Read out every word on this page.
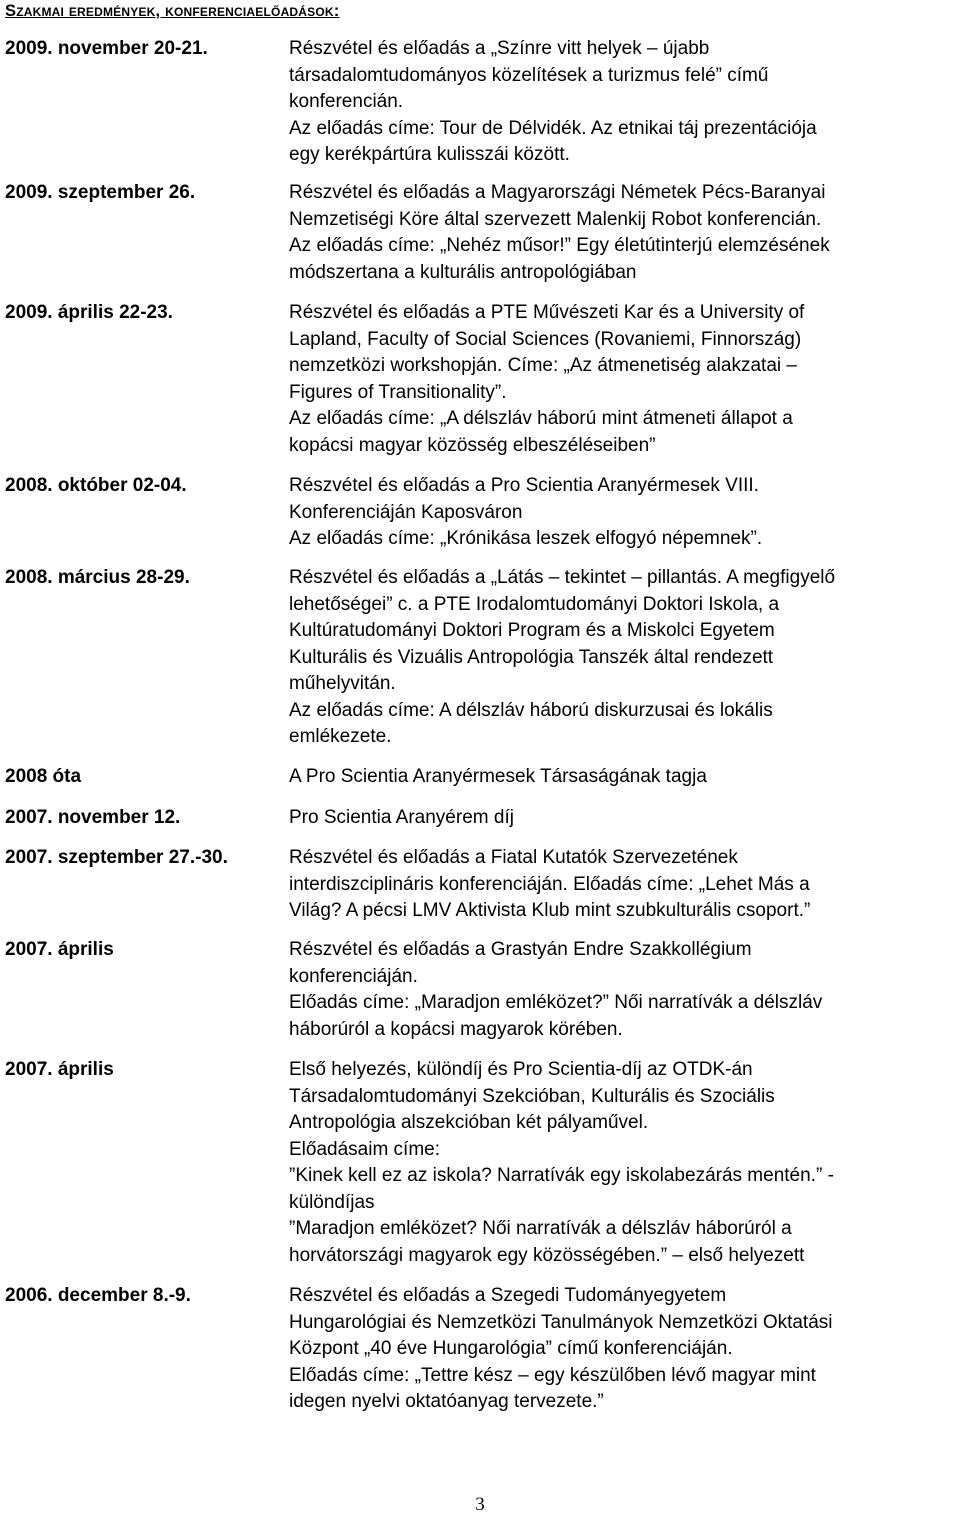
Szakmai eredmények, konferenciaelőadások:
2009. november 20-21.	Részvétel és előadás a „Színre vitt helyek – újabb
társadalomtudományos közelítések a turizmus felé” című
konferencián.
Az előadás címe: Tour de Délvidék. Az etnikai táj prezentációja
egy kerékpártúra kulisszái között.
2009. szeptember 26.	Részvétel és előadás a Magyarországi Németek Pécs-Baranyai
Nemzetiségi Köre által szervezett Malenkij Robot konferencián.
Az előadás címe: „Nehéz műsor!” Egy életútinterjú elemzésének
módszertana a kulturális antropológiában
2009. április 22-23.	Részvétel és előadás a PTE Művészeti Kar és a University of
Lapland, Faculty of Social Sciences (Rovaniemi, Finnország)
nemzetközi workshopján. Címe: „Az átmenetiség alakzatai –
Figures of Transitionality”.
Az előadás címe: „A délszláv háború mint átmeneti állapot a
kopácsi magyar közösség elbeszéléseiben”
2008. október 02-04.	Részvétel és előadás a Pro Scientia Aranyérmesek VIII.
Konferenciáján Kaposváron
Az előadás címe: „Krónikása leszek elfogyó népemnek”.
2008. március 28-29.	Részvétel és előadás a „Látás – tekintet – pillantás. A megfigyelő
lehetőségei” c. a PTE Irodalomtudományi Doktori Iskola, a
Kultúratudományi Doktori Program és a Miskolci Egyetem
Kulturális és Vizuális Antropológia Tanszék által rendezett
műhelyvitán.
Az előadás címe: A délszláv háború diskurzusai és lokális
emlékezete.
2008 óta	A Pro Scientia Aranyérmesek Társaságának tagja
2007. november 12.	Pro Scientia Aranyérem díj
2007. szeptember 27.-30.	Részvétel és előadás a Fiatal Kutatók Szervezetének
interdiszciplináris konferenciáján. Előadás címe: „Lehet Más a
Világ? A pécsi LMV Aktivista Klub mint szubkulturális csoport.”
2007. április	Részvétel és előadás a Grastyán Endre Szakkollégium
konferenciáján.
Előadás címe: „Maradjon emléközet?” Női narratívák a délszláv
háborúról a kopácsi magyarok körében.
2007. április	Első helyezés, különdíj és Pro Scientia-díj az OTDK-án
Társadalomtudományi Szekcióban, Kulturális és Szociális
Antropológia alszekcióban két pályaművel.
Előadásaim címe:
”Kinek kell ez az iskola? Narratívák egy iskolabezárás mentén.” -
különdíjas
”Maradjon emléközet? Női narratívák a délszláv háborúról a
horvátországi magyarok egy közösségében.” – első helyezett
2006. december 8.-9.	Részvétel és előadás a Szegedi Tudományegyetem
Hungarológiai és Nemzetközi Tanulmányok Nemzetközi Oktatási
Központ „40 éve Hungarológia” című konferenciáján.
Előadás címe: „Tettre kész – egy készülőben lévő magyar mint
idegen nyelvi oktatóanyag tervezete.”
3
